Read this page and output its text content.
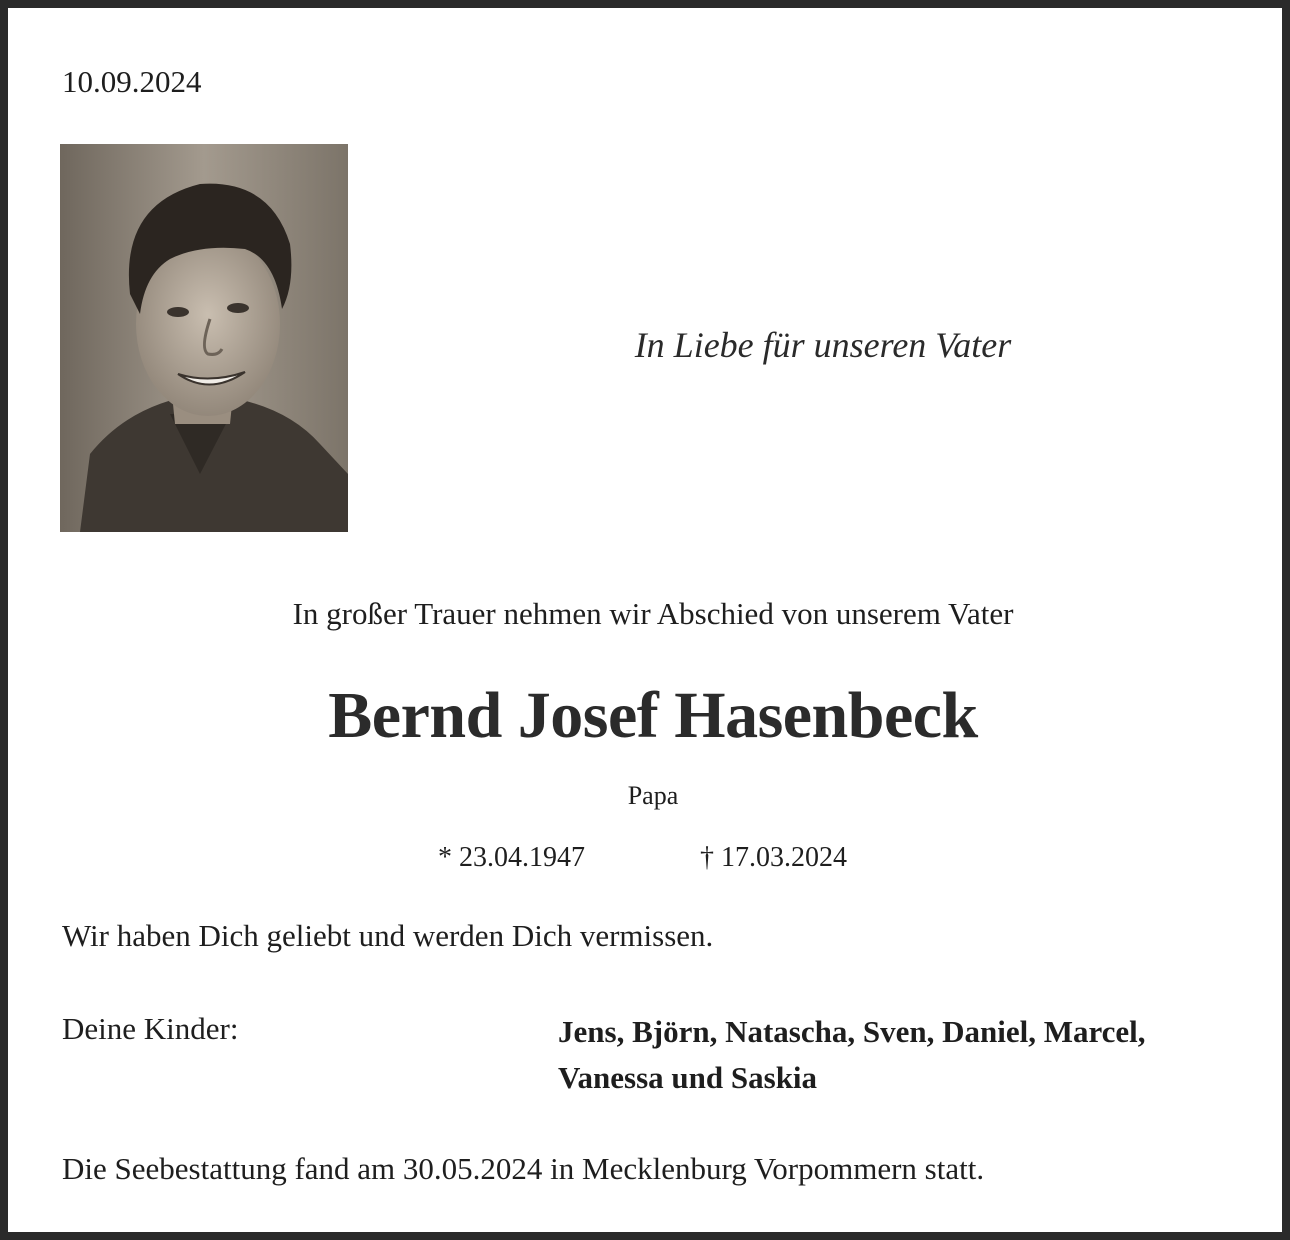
10.09.2024
In Liebe für unseren Vater
In großer Trauer nehmen wir Abschied von unserem Vater
Bernd Josef Hasenbeck
Papa
* 23.04.1947	† 17.03.2024
Wir haben Dich geliebt und werden Dich vermissen.
Deine Kinder:	Jens, Björn, Natascha, Sven, Daniel, Marcel,
Vanessa und Saskia
Die Seebestattung fand am 30.05.2024 in Mecklenburg Vorpommern statt.
